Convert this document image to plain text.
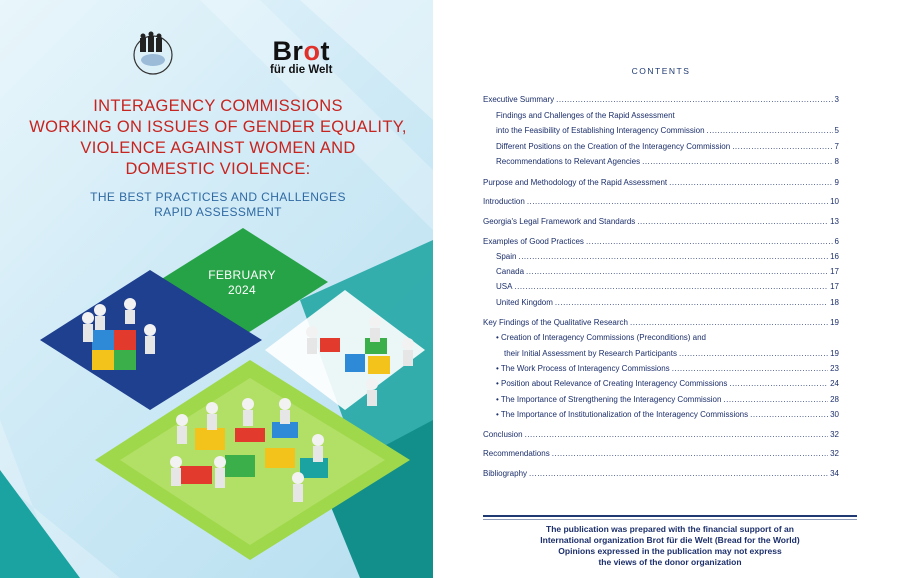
Brot
für die Welt
INTERAGENCY COMMISSIONS
WORKING ON ISSUES OF GENDER EQUALITY,
VIOLENCE AGAINST WOMEN AND
DOMESTIC VIOLENCE:
THE BEST PRACTICES AND CHALLENGES
RAPID ASSESSMENT
FEBRUARY
2024
CONTENTS
Executive Summary .....	3
Findings and Challenges of the Rapid Assessment
into the Feasibility of Establishing Interagency Commission .....	5
Different Positions on the Creation of the Interagency Commission .....	7
Recommendations to Relevant Agencies .....	8
Purpose and Methodology of the Rapid Assessment .....	9
Introduction .....	10
Georgia's Legal Framework and Standards .....	13
Examples of Good Practices .....	6
Spain .....	16
Canada .....	17
USA .....	17
United Kingdom .....	18
Key Findings of the Qualitative Research .....	19
• Creation of Interagency Commissions (Preconditions) and
their Initial Assessment by Research Participants .....	19
• The Work Process of Interagency Commissions .....	23
• Position about Relevance of Creating Interagency Commissions .....	24
• The Importance of Strengthening the Interagency Commission .....	28
• The Importance of Institutionalization of the Interagency Commissions .....	30
Conclusion .....	32
Recommendations .....	32
Bibliography .....	34
The publication was prepared with the financial support of an
International organization Brot für die Welt (Bread for the World)
Opinions expressed in the publication may not express
the views of the donor organization
